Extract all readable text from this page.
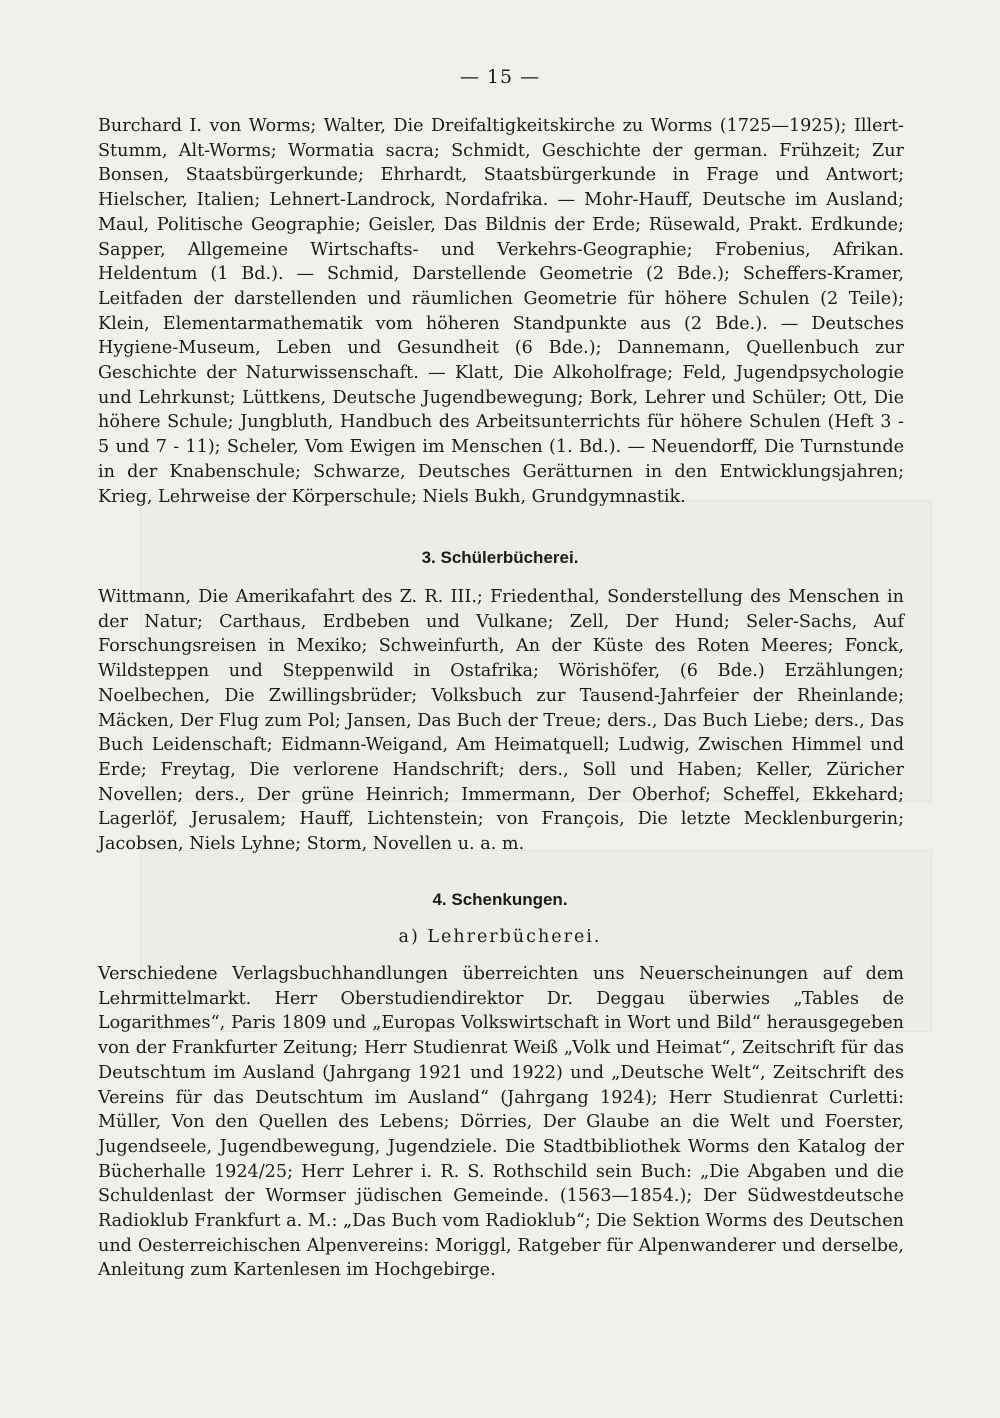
— 15 —

Burchard I. von Worms; Walter, Die Dreifaltigkeitskirche zu Worms (1725—1925); Illert-Stumm, Alt-Worms; Wormatia sacra; Schmidt, Geschichte der german. Frühzeit; Zur Bonsen, Staatsbürgerkunde; Ehrhardt, Staatsbürgerkunde in Frage und Antwort; Hielscher, Italien; Lehnert-Landrock, Nordafrika. — Mohr-Hauff, Deutsche im Ausland; Maul, Politische Geographie; Geisler, Das Bildnis der Erde; Rüsewald, Prakt. Erdkunde; Sapper, Allgemeine Wirtschafts- und Verkehrs-Geographie; Frobenius, Afrikan. Heldentum (1 Bd.). — Schmid, Darstellende Geometrie (2 Bde.); Scheffers-Kramer, Leitfaden der darstellenden und räumlichen Geometrie für höhere Schulen (2 Teile); Klein, Elementarmathematik vom höheren Standpunkte aus (2 Bde.). — Deutsches Hygiene-Museum, Leben und Gesundheit (6 Bde.); Dannemann, Quellenbuch zur Geschichte der Naturwissenschaft. — Klatt, Die Alkoholfrage; Feld, Jugendpsychologie und Lehrkunst; Lüttkens, Deutsche Jugendbewegung; Bork, Lehrer und Schüler; Ott, Die höhere Schule; Jungbluth, Handbuch des Arbeitsunterrichts für höhere Schulen (Heft 3 - 5 und 7 - 11); Scheler, Vom Ewigen im Menschen (1. Bd.). — Neuendorff, Die Turnstunde in der Knabenschule; Schwarze, Deutsches Gerätturnen in den Entwicklungsjahren; Krieg, Lehrweise der Körperschule; Niels Bukh, Grundgymnastik.

3. Schülerbücherei.

Wittmann, Die Amerikafahrt des Z. R. III.; Friedenthal, Sonderstellung des Menschen in der Natur; Carthaus, Erdbeben und Vulkane; Zell, Der Hund; Seler-Sachs, Auf Forschungsreisen in Mexiko; Schweinfurth, An der Küste des Roten Meeres; Fonck, Wildsteppen und Steppenwild in Ostafrika; Wörishöfer, (6 Bde.) Erzählungen; Noelbechen, Die Zwillingsbrüder; Volksbuch zur Tausend-Jahrfeier der Rheinlande; Mäcken, Der Flug zum Pol; Jansen, Das Buch der Treue; ders., Das Buch Liebe; ders., Das Buch Leidenschaft; Eidmann-Weigand, Am Heimatquell; Ludwig, Zwischen Himmel und Erde; Freytag, Die verlorene Handschrift; ders., Soll und Haben; Keller, Züricher Novellen; ders., Der grüne Heinrich; Immermann, Der Oberhof; Scheffel, Ekkehard; Lagerlöf, Jerusalem; Hauff, Lichtenstein; von François, Die letzte Mecklenburgerin; Jacobsen, Niels Lyhne; Storm, Novellen u. a. m.

4. Schenkungen.
a) Lehrerbücherei.

Verschiedene Verlagsbuchhandlungen überreichten uns Neuerscheinungen auf dem Lehrmittelmarkt. Herr Oberstudiendirektor Dr. Deggau überwies „Tables de Logarithmes“, Paris 1809 und „Europas Volkswirtschaft in Wort und Bild“ herausgegeben von der Frankfurter Zeitung; Herr Studienrat Weiß „Volk und Heimat“, Zeitschrift für das Deutschtum im Ausland (Jahrgang 1921 und 1922) und „Deutsche Welt“, Zeitschrift des Vereins für das Deutschtum im Ausland“ (Jahrgang 1924); Herr Studienrat Curletti: Müller, Von den Quellen des Lebens; Dörries, Der Glaube an die Welt und Foerster, Jugendseele, Jugendbewegung, Jugendziele. Die Stadtbibliothek Worms den Katalog der Bücherhalle 1924/25; Herr Lehrer i. R. S. Rothschild sein Buch: „Die Abgaben und die Schuldenlast der Wormser jüdischen Gemeinde. (1563—1854.); Der Südwestdeutsche Radioklub Frankfurt a. M.: „Das Buch vom Radioklub“; Die Sektion Worms des Deutschen und Oesterreichischen Alpenvereins: Moriggl, Ratgeber für Alpenwanderer und derselbe, Anleitung zum Kartenlesen im Hochgebirge.
